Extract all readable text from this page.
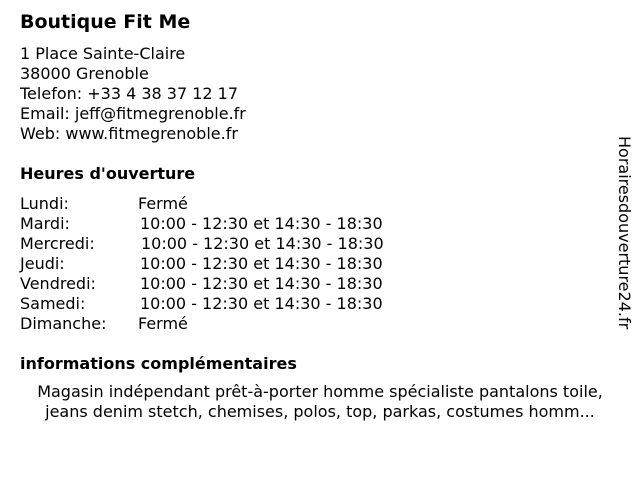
Boutique Fit Me
1 Place Sainte-Claire
38000 Grenoble
Telefon: +33 4 38 37 12 17
Email: jeff@fitmegrenoble.fr
Web: www.fitmegrenoble.fr
Heures d'ouverture
Lundi:	Fermé
Mardi:	10:00 - 12:30 et 14:30 - 18:30
Mercredi:	10:00 - 12:30 et 14:30 - 18:30
Jeudi:	10:00 - 12:30 et 14:30 - 18:30
Vendredi:	10:00 - 12:30 et 14:30 - 18:30
Samedi:	10:00 - 12:30 et 14:30 - 18:30
Dimanche: Fermé
informations complémentaires
Magasin indépendant prêt-à-porter homme spécialiste pantalons toile,
jeans denim stetch, chemises, polos, top, parkas, costumes homm...
Horairesdouverture24.fr
